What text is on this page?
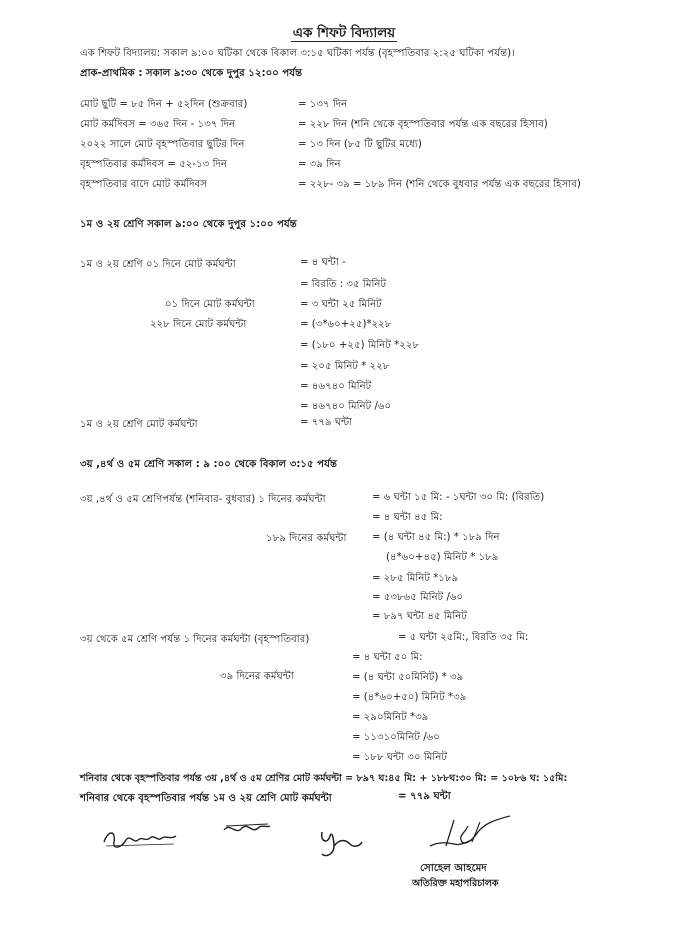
এক শিফট বিদ্যালয়
এক শিফট বিদ্যালয়: সকাল ৯:০০ ঘটিকা থেকে বিকাল ৩:১৫ ঘটিকা পর্যন্ত (বৃহস্পতিবার ২:২৫ ঘটিকা পর্যন্ত)।
প্রাক-প্রাথমিক : সকাল ৯:৩০ থেকে দুপুর ১২:০০ পর্যন্ত
মোট ছুটি = ৮৫ দিন + ৫২দিন (শুক্রবার)	= ১৩৭ দিন
মোট কর্মদিবস = ৩৬৫ দিন - ১৩৭ দিন	= ২২৮ দিন (শনি থেকে বৃহস্পতিবার পর্যন্ত এক বছরের হিসাব)
২০২২ সালে মোট বৃহস্পতিবার ছুটির দিন	= ১৩ দিন (৮৫ টি ছুটির মধ্যে)
বৃহস্পতিবার কর্মদিবস = ৫২-১৩ দিন	= ৩৯ দিন
বৃহস্পতিবার বাদে মোট কর্মদিবস	= ২২৮- ৩৯ = ১৮৯ দিন (শনি থেকে বুধবার পর্যন্ত এক বছরের হিসাব)
১ম ও ২য় শ্রেণি সকাল ৯:০০ থেকে দুপুর ১:০০ পর্যন্ত
১ম ও ২য় শ্রেণি ০১ দিনে মোট কর্মঘন্টা	= ৪ ঘন্টা -
= বিরতি : ৩৫ মিনিট
০১ দিনে মোট কর্মঘন্টা	= ৩ ঘন্টা ২৫ মিনিট
২২৮ দিনে মোট কর্মঘন্টা	= (৩*৬০+২৫)*২২৮
= (১৮০ +২৫) মিনিট *২২৮
= ২০৫ মিনিট * ২২৮
= ৪৬৭৪০ মিনিট
= ৪৬৭৪০ মিনিট /৬০
১ম ও ২য় শ্রেণি মোট কর্মঘন্টা	= ৭৭৯ ঘন্টা
৩য় ,৪র্থ ও ৫ম শ্রেণি সকাল : ৯ :০০ থেকে বিকাল ৩:১৫ পর্যন্ত
৩য় ,৪র্থ ও ৫ম শ্রেণিপর্যন্ত (শনিবার- বুধবার) ১ দিনের কর্মঘন্টা	= ৬ ঘন্টা ১৫ মি: - ১ঘন্টা ৩০ মি: (বিরতি)
= ৪ ঘন্টা ৪৫ মি:
১৮৯ দিনের কর্মঘন্টা	= (৪ ঘন্টা ৪৫ মি:) * ১৮৯ দিন
(৪*৬০+৪৫) মিনিট * ১৮৯
= ২৮৫ মিনিট *১৮৯
= ৫৩৮৬৫ মিনিট /৬০
= ৮৯৭ ঘন্টা ৪৫ মিনিট
৩য় থেকে ৫ম শ্রেণি পর্যন্ত ১ দিনের কর্মঘন্টা (বৃহস্পতিবার)	= ৫ ঘন্টা ২৫মি:, বিরতি ৩৫ মি:
= ৪ ঘন্টা ৫০ মি:
৩৯ দিনের কর্মঘন্টা	= (৪ ঘন্টা ৫০মিনিট) * ৩৯
= (৪*৬০+৫০) মিনিট *৩৯
= ২৯০মিনিট *৩৯
= ১১৩১০মিনিট /৬০
= ১৮৮ ঘন্টা ৩০ মিনিট
শনিবার থেকে বৃহস্পতিবার পর্যন্ত ৩য় ,৪র্থ ও ৫ম শ্রেণির মোট কর্মঘন্টা = ৮৯৭ ঘ:৪৫ মি: + ১৮৮ঘ:৩০ মি: = ১০৮৬ ঘ: ১৫মি:
শনিবার থেকে বৃহস্পতিবার পর্যন্ত ১ম ও ২য় শ্রেণি মোট কর্মঘন্টা	= ৭৭৯ ঘন্টা
সোহেল আহমেদ
অতিরিক্ত মহাপরিচালক
